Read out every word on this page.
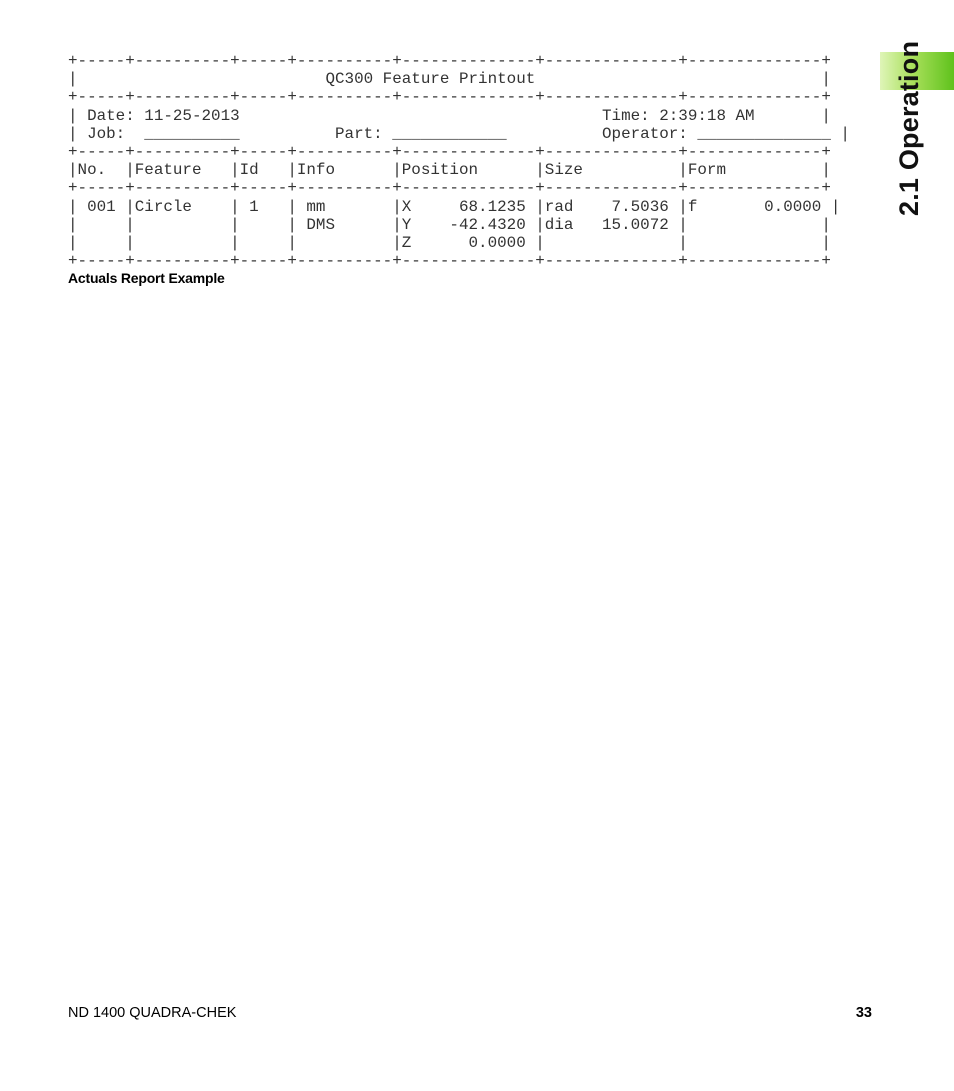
2.1 Operation
+-----+----------+-----+----------+--------------+--------------+--------------+
|                          QC300 Feature Printout                              |
+-----+----------+-----+----------+--------------+--------------+--------------+
| Date: 11-25-2013                                      Time: 2:39:18 AM       |
| Job:  __________          Part: ____________          Operator: ______________ |
+-----+----------+-----+----------+--------------+--------------+--------------+
|No.  |Feature   |Id   |Info      |Position      |Size          |Form          |
+-----+----------+-----+----------+--------------+--------------+--------------+
| 001 |Circle    | 1   | mm       |X     68.1235 |rad    7.5036 |f       0.0000 |
|     |          |     | DMS      |Y    -42.4320 |dia   15.0072 |              |
|     |          |     |          |Z      0.0000 |              |              |
+-----+----------+-----+----------+--------------+--------------+--------------+

Actuals Report Example
ND 1400 QUADRA-CHEK	33
